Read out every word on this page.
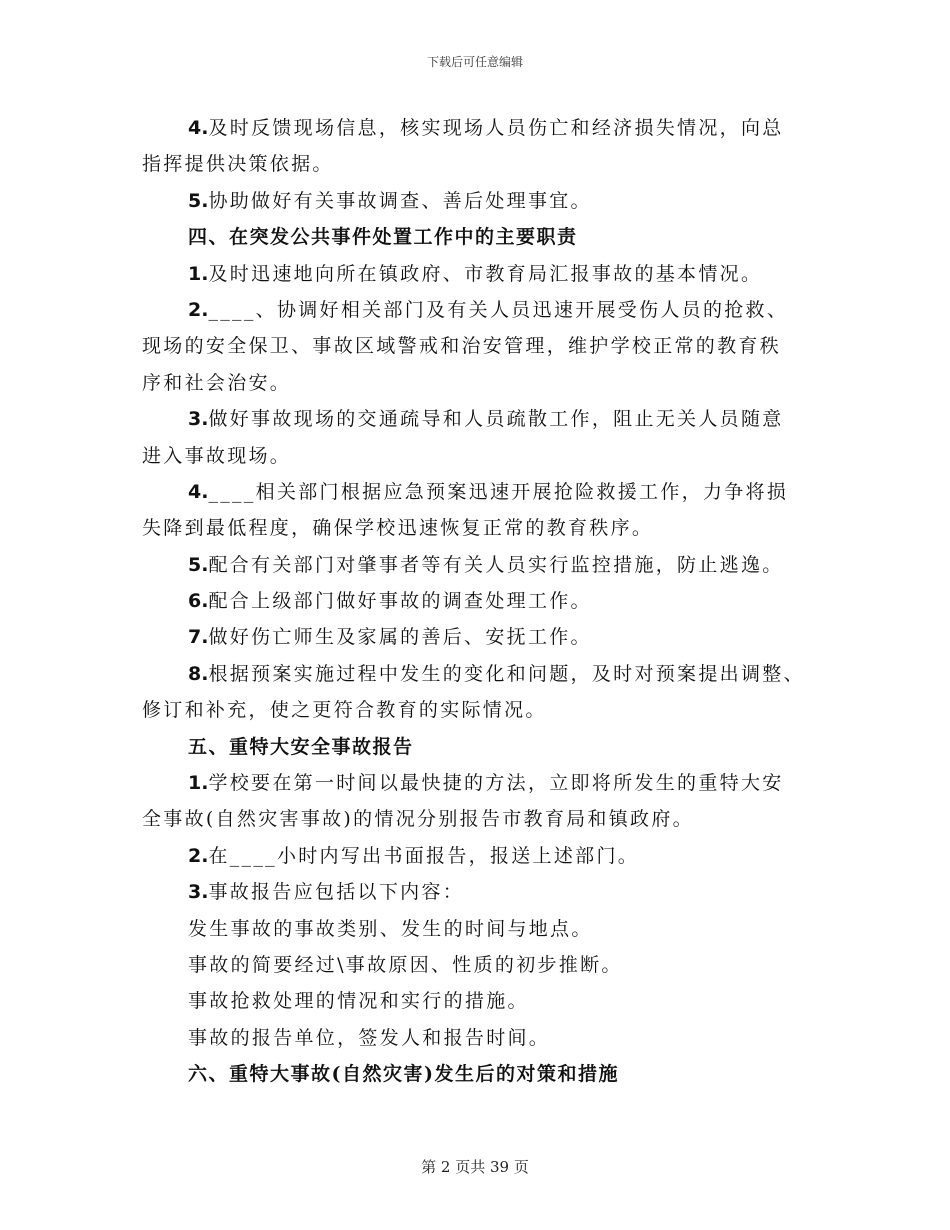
下载后可任意编辑
4.及时反馈现场信息，核实现场人员伤亡和经济损失情况，向总
指挥提供决策依据。
5.协助做好有关事故调查、善后处理事宜。
四、在突发公共事件处置工作中的主要职责
1.及时迅速地向所在镇政府、市教育局汇报事故的基本情况。
2.____、协调好相关部门及有关人员迅速开展受伤人员的抢救、
现场的安全保卫、事故区域警戒和治安管理，维护学校正常的教育秩
序和社会治安。
3.做好事故现场的交通疏导和人员疏散工作，阻止无关人员随意
进入事故现场。
4.____相关部门根据应急预案迅速开展抢险救援工作，力争将损
失降到最低程度，确保学校迅速恢复正常的教育秩序。
5.配合有关部门对肇事者等有关人员实行监控措施，防止逃逸。
6.配合上级部门做好事故的调查处理工作。
7.做好伤亡师生及家属的善后、安抚工作。
8.根据预案实施过程中发生的变化和问题，及时对预案提出调整、
修订和补充，使之更符合教育的实际情况。
五、重特大安全事故报告
1.学校要在第一时间以最快捷的方法，立即将所发生的重特大安
全事故(自然灾害事故)的情况分别报告市教育局和镇政府。
2.在____小时内写出书面报告，报送上述部门。
3.事故报告应包括以下内容：
发生事故的事故类别、发生的时间与地点。
事故的简要经过\事故原因、性质的初步推断。
事故抢救处理的情况和实行的措施。
事故的报告单位，签发人和报告时间。
六、重特大事故(自然灾害)发生后的对策和措施
第 2 页共 39 页
